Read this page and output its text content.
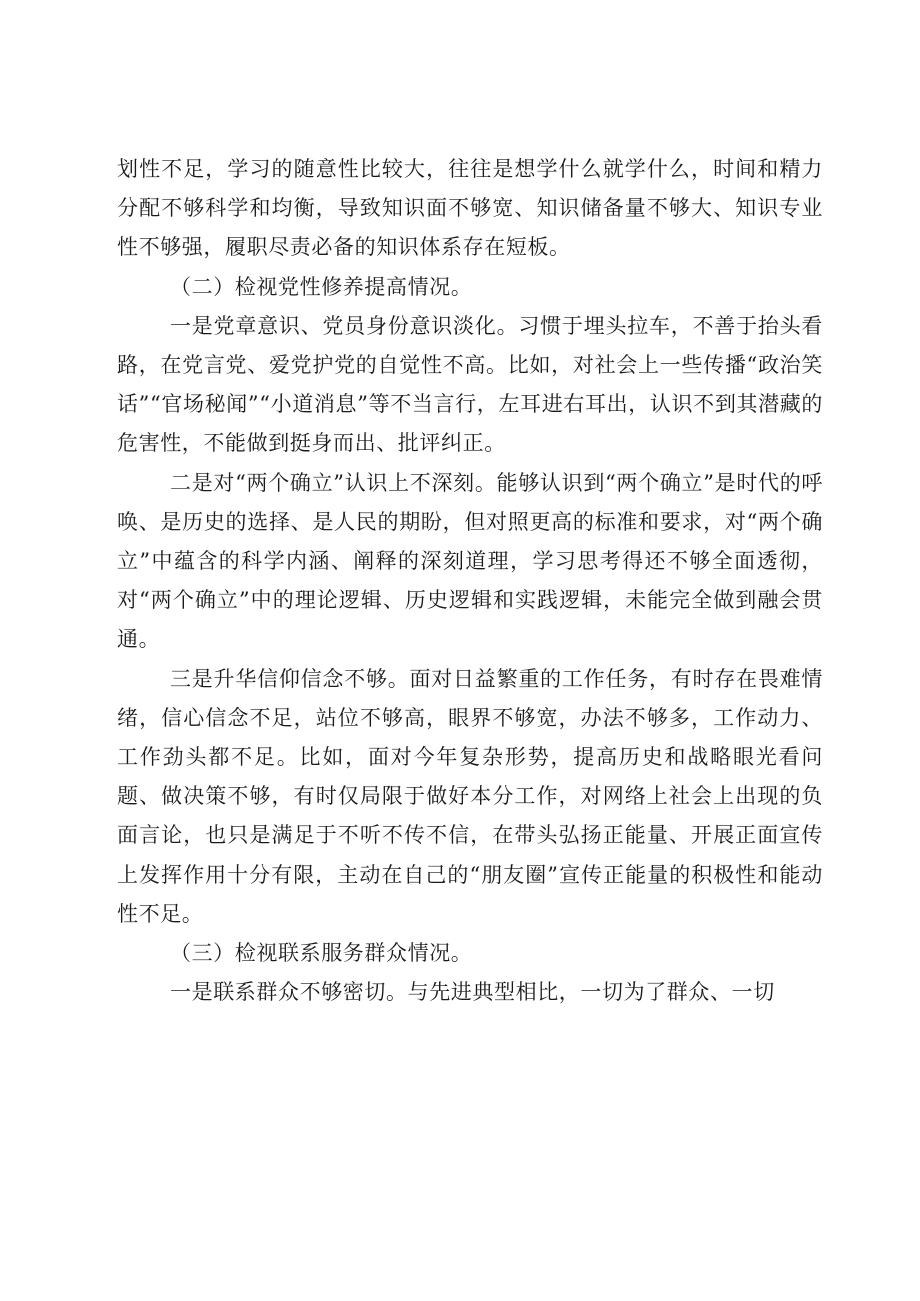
划性不足，学习的随意性比较大，往往是想学什么就学什么，时间和精力分配不够科学和均衡，导致知识面不够宽、知识储备量不够大、知识专业性不够强，履职尽责必备的知识体系存在短板。

（二）检视党性修养提高情况。

一是党章意识、党员身份意识淡化。习惯于埋头拉车，不善于抬头看路，在党言党、爱党护党的自觉性不高。比如，对社会上一些传播“政治笑话”“官场秘闻”“小道消息”等不当言行，左耳进右耳出，认识不到其潜藏的危害性，不能做到挺身而出、批评纠正。

二是对“两个确立”认识上不深刻。能够认识到“两个确立”是时代的呼唤、是历史的选择、是人民的期盼，但对照更高的标准和要求，对“两个确立”中蕴含的科学内涵、阐释的深刻道理，学习思考得还不够全面透彻，对“两个确立”中的理论逻辑、历史逻辑和实践逻辑，未能完全做到融会贯通。

三是升华信仰信念不够。面对日益繁重的工作任务，有时存在畏难情绪，信心信念不足，站位不够高，眼界不够宽，办法不够多，工作动力、工作劲头都不足。比如，面对今年复杂形势，提高历史和战略眼光看问题、做决策不够，有时仅局限于做好本分工作，对网络上社会上出现的负面言论，也只是满足于不听不传不信，在带头弘扬正能量、开展正面宣传上发挥作用十分有限，主动在自己的“朋友圈”宣传正能量的积极性和能动性不足。

（三）检视联系服务群众情况。

一是联系群众不够密切。与先进典型相比，一切为了群众、一切
